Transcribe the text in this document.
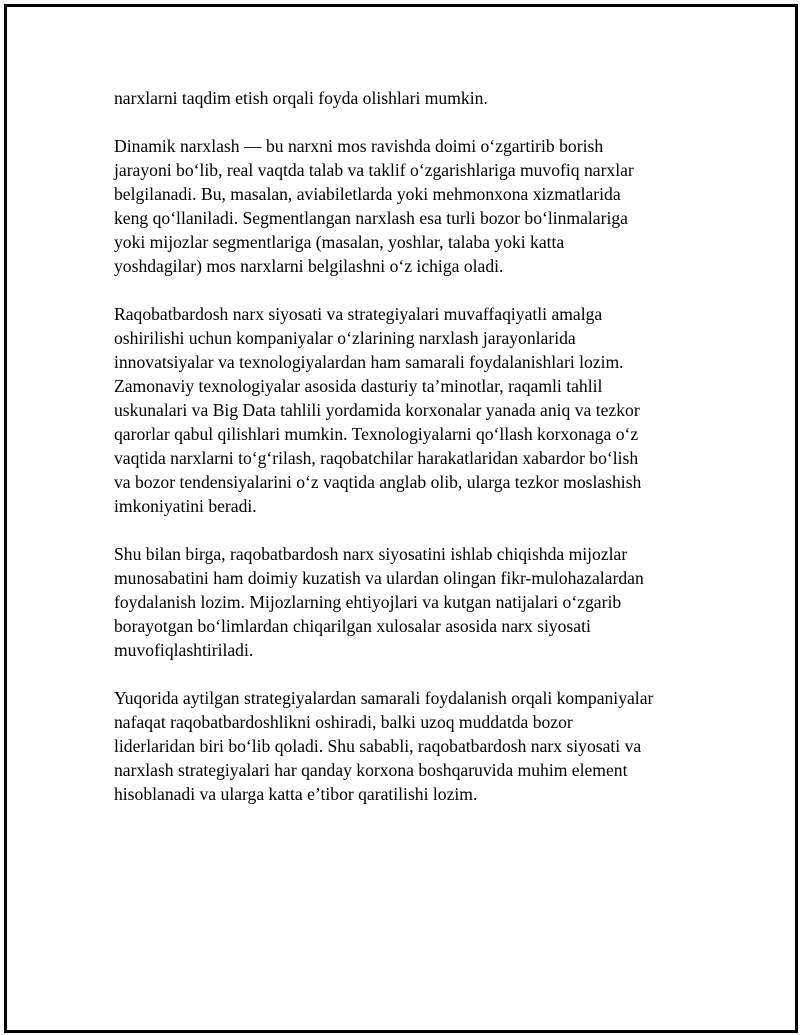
narxlarni taqdim etish orqali foyda olishlari mumkin.

Dinamik narxlash — bu narxni mos ravishda doimi o‘zgartirib borish
jarayoni bo‘lib, real vaqtda talab va taklif o‘zgarishlariga muvofiq narxlar
belgilanadi. Bu, masalan, aviabiletlarda yoki mehmonxona xizmatlarida
keng qo‘llaniladi. Segmentlangan narxlash esa turli bozor bo‘linmalariga
yoki mijozlar segmentlariga (masalan, yoshlar, talaba yoki katta
yoshdagilar) mos narxlarni belgilashni o‘z ichiga oladi.

Raqobatbardosh narx siyosati va strategiyalari muvaffaqiyatli amalga
oshirilishi uchun kompaniyalar o‘zlarining narxlash jarayonlarida
innovatsiyalar va texnologiyalardan ham samarali foydalanishlari lozim.
Zamonaviy texnologiyalar asosida dasturiy ta’minotlar, raqamli tahlil
uskunalari va Big Data tahlili yordamida korxonalar yanada aniq va tezkor
qarorlar qabul qilishlari mumkin. Texnologiyalarni qo‘llash korxonaga o‘z
vaqtida narxlarni to‘g‘rilash, raqobatchilar harakatlaridan xabardor bo‘lish
va bozor tendensiyalarini o‘z vaqtida anglab olib, ularga tezkor moslashish
imkoniyatini beradi.

Shu bilan birga, raqobatbardosh narx siyosatini ishlab chiqishda mijozlar
munosabatini ham doimiy kuzatish va ulardan olingan fikr-mulohazalardan
foydalanish lozim. Mijozlarning ehtiyojlari va kutgan natijalari o‘zgarib
borayotgan bo‘limlardan chiqarilgan xulosalar asosida narx siyosati
muvofiqlashtiriladi.

Yuqorida aytilgan strategiyalardan samarali foydalanish orqali kompaniyalar
nafaqat raqobatbardoshlikni oshiradi, balki uzoq muddatda bozor
liderlaridan biri bo‘lib qoladi. Shu sababli, raqobatbardosh narx siyosati va
narxlash strategiyalari har qanday korxona boshqaruvida muhim element
hisoblanadi va ularga katta e’tibor qaratilishi lozim.
